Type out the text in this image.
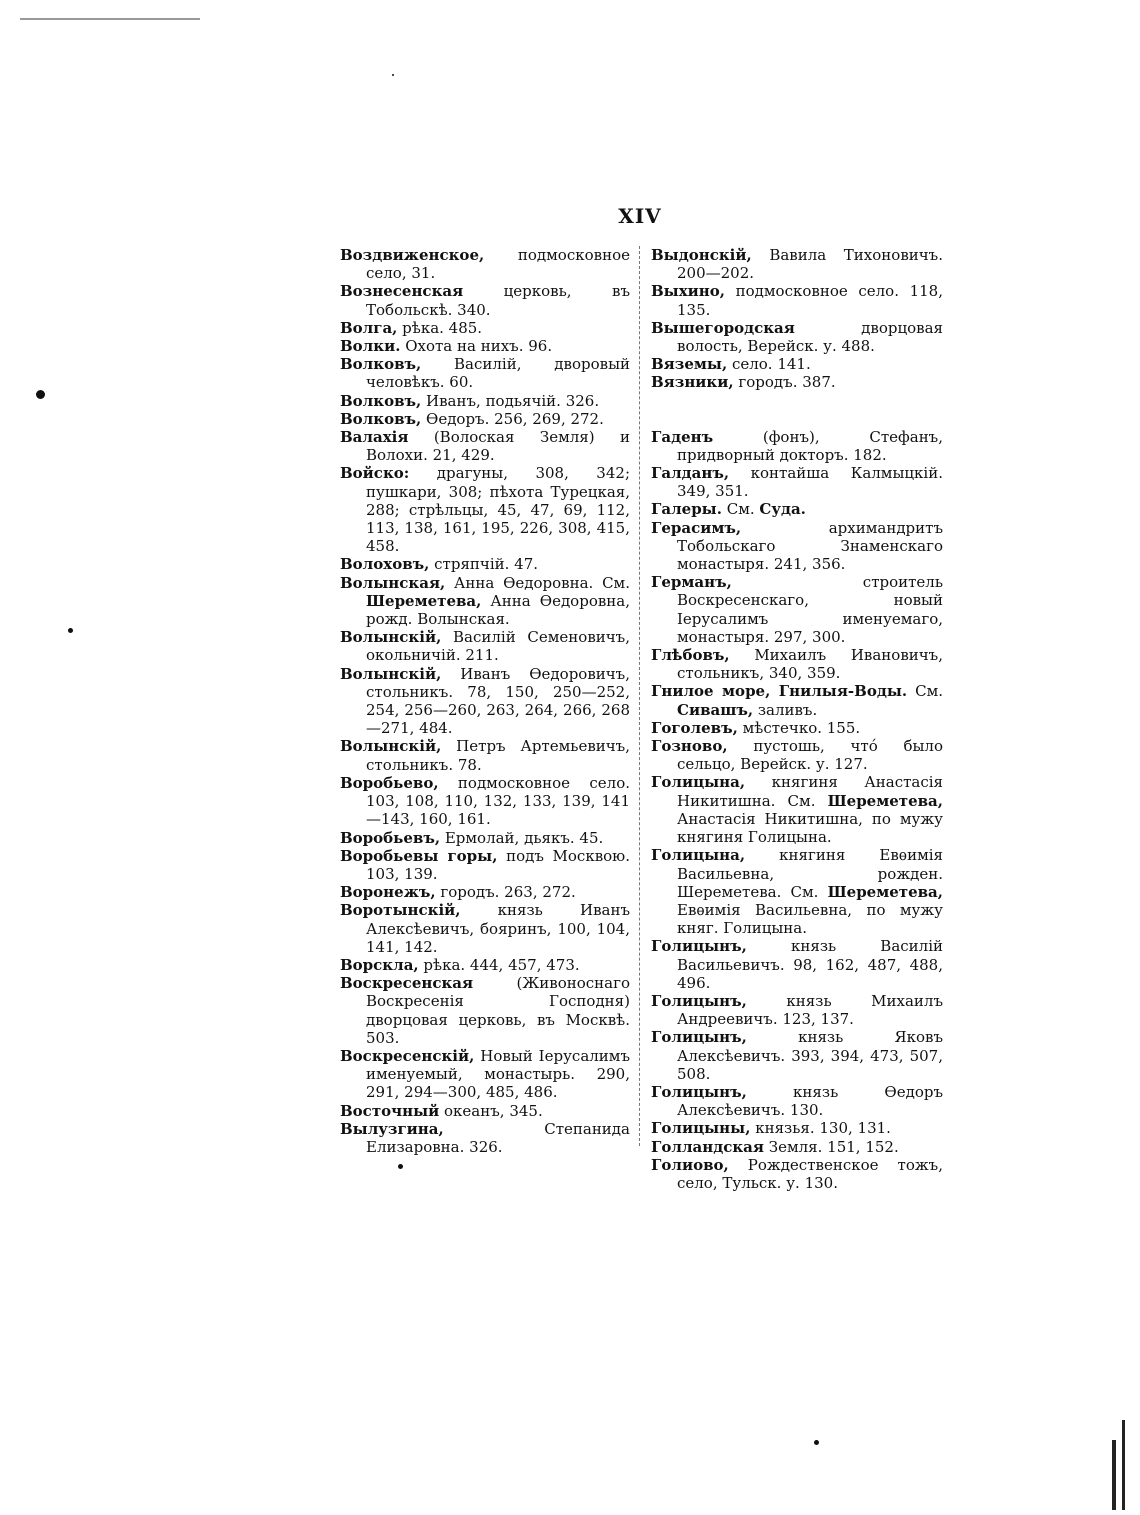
XIV

Воздвиженское, подмосковное село, 31.

Вознесенская церковь, въ Тобольскѣ. 340.

Волга, рѣка. 485.

Волки. Охота на нихъ. 96.

Волковъ, Василій, дворовый человѣкъ. 60.

Волковъ, Иванъ, подьячій. 326.

Волковъ, Өедоръ. 256, 269, 272.

Валахія (Волоская Земля) и Волохи. 21, 429.

Войско: драгуны, 308, 342; пушкари, 308; пѣхота Турецкая, 288; стрѣльцы, 45, 47, 69, 112, 113, 138, 161, 195, 226, 308, 415, 458.

Волоховъ, стряпчій. 47.

Волынская, Анна Өедоровна. См. Шереметева, Анна Өедоровна, рожд. Волынская.

Волынскій, Василій Семеновичъ, окольничій. 211.

Волынскій, Иванъ Өедоровичъ, стольникъ. 78, 150, 250—252, 254, 256—260, 263, 264, 266, 268—271, 484.

Волынскій, Петръ Артемьевичъ, стольникъ. 78.

Воробьево, подмосковное село. 103, 108, 110, 132, 133, 139, 141—143, 160, 161.

Воробьевъ, Ермолай, дьякъ. 45.

Воробьевы горы, подъ Москвою. 103, 139.

Воронежъ, городъ. 263, 272.

Воротынскій, князь Иванъ Алексѣевичъ, бояринъ, 100, 104, 141, 142.

Ворскла, рѣка. 444, 457, 473.

Воскресенская (Живоноснаго Воскресенія Господня) дворцовая церковь, въ Москвѣ. 503.

Воскресенскій, Новый Іерусалимъ именуемый, монастырь. 290, 291, 294—300, 485, 486.

Восточный океанъ, 345.

Вылузгина, Степанида Елизаровна. 326.

Выдонскій, Вавила Тихоновичъ. 200—202.

Выхино, подмосковное село. 118, 135.

Вышегородская дворцовая волость, Верейск. у. 488.

Вяземы, село. 141.

Вязники, городъ. 387.

Гаденъ (фонъ), Стефанъ, придворный докторъ. 182.

Галданъ, контайша Калмыцкій. 349, 351.

Галеры. См. Суда.

Герасимъ, архимандритъ Тобольскаго Знаменскаго монастыря. 241, 356.

Германъ, строитель Воскресенскаго, новый Іерусалимъ именуемаго, монастыря. 297, 300.

Глѣбовъ, Михаилъ Ивановичъ, стольникъ, 340, 359.

Гнилое море, Гнилыя-Воды. См. Сивашъ, заливъ.

Гоголевъ, мѣстечко. 155.

Гозново, пустошь, чтó было сельцо, Верейск. у. 127.

Голицына, княгиня Анастасія Никитишна. См. Шереметева, Анастасія Никитишна, по мужу княгиня Голицына.

Голицына, княгиня Евѳимія Васильевна, рожден. Шереметева. См. Шереметева, Евѳимія Васильевна, по мужу княг. Голицына.

Голицынъ, князь Василій Васильевичъ. 98, 162, 487, 488, 496.

Голицынъ, князь Михаилъ Андреевичъ. 123, 137.

Голицынъ, князь Яковъ Алексѣевичъ. 393, 394, 473, 507, 508.

Голицынъ, князь Өедоръ Алексѣевичъ. 130.

Голицыны, князья. 130, 131.

Голландская Земля. 151, 152.

Голиово, Рождественское тожъ, село, Тульск. у. 130.
